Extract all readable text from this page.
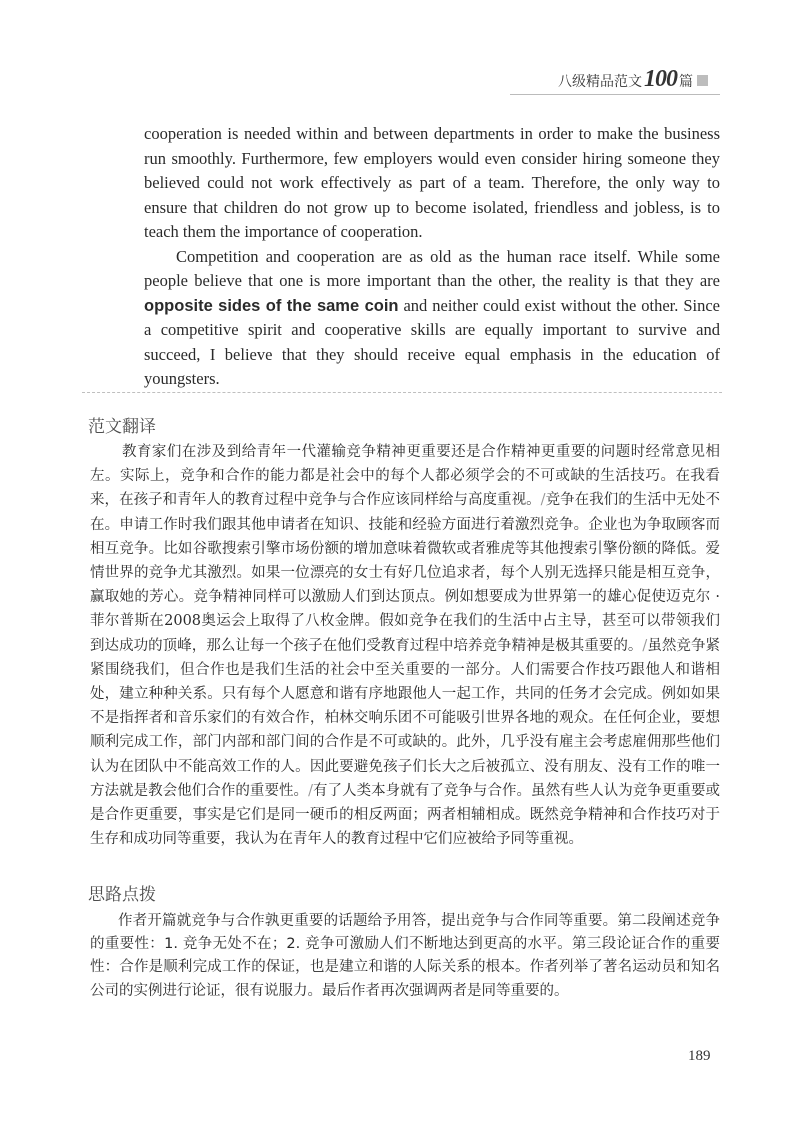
八级精品范文 100 篇

cooperation is needed within and between departments in order to make the business run smoothly. Furthermore, few employers would even consider hiring someone they believed could not work effectively as part of a team. Therefore, the only way to ensure that children do not grow up to become isolated, friendless and jobless, is to teach them the importance of cooperation.

Competition and cooperation are as old as the human race itself. While some people believe that one is more important than the other, the reality is that they are opposite sides of the same coin and neither could exist without the other. Since a competitive spirit and cooperative skills are equally important to survive and succeed, I believe that they should receive equal emphasis in the education of youngsters.

范文翻译

教育家们在涉及到给青年一代灌输竞争精神更重要还是合作精神更重要的问题时经常意见相左。实际上，竞争和合作的能力都是社会中的每个人都必须学会的不可或缺的生活技巧。在我看来，在孩子和青年人的教育过程中竞争与合作应该同样给与高度重视。/竞争在我们的生活中无处不在。申请工作时我们跟其他申请者在知识、技能和经验方面进行着激烈竞争。企业也为争取顾客而相互竞争。比如谷歌搜索引擎市场份额的增加意味着微软或者雅虎等其他搜索引擎份额的降低。爱情世界的竞争尤其激烈。如果一位漂亮的女士有好几位追求者，每个人别无选择只能是相互竞争，赢取她的芳心。竞争精神同样可以激励人们到达顶点。例如想要成为世界第一的雄心促使迈克尔 · 菲尔普斯在2008奥运会上取得了八枚金牌。假如竞争在我们的生活中占主导，甚至可以带领我们到达成功的顶峰，那么让每一个孩子在他们受教育过程中培养竞争精神是极其重要的。/虽然竞争紧紧围绕我们，但合作也是我们生活的社会中至关重要的一部分。人们需要合作技巧跟他人和谐相处，建立种种关系。只有每个人愿意和谐有序地跟他人一起工作，共同的任务才会完成。例如如果不是指挥者和音乐家们的有效合作，柏林交响乐团不可能吸引世界各地的观众。在任何企业，要想顺利完成工作，部门内部和部门间的合作是不可或缺的。此外，几乎没有雇主会考虑雇佣那些他们认为在团队中不能高效工作的人。因此要避免孩子们长大之后被孤立、没有朋友、没有工作的唯一方法就是教会他们合作的重要性。/有了人类本身就有了竞争与合作。虽然有些人认为竞争更重要或是合作更重要，事实是它们是同一硬币的相反两面；两者相辅相成。既然竞争精神和合作技巧对于生存和成功同等重要，我认为在青年人的教育过程中它们应被给予同等重视。

思路点拨

作者开篇就竞争与合作孰更重要的话题给予用答，提出竞争与合作同等重要。第二段阐述竞争的重要性：1. 竞争无处不在；2. 竞争可激励人们不断地达到更高的水平。第三段论证合作的重要性：合作是顺利完成工作的保证，也是建立和谐的人际关系的根本。作者列举了著名运动员和知名公司的实例进行论证，很有说服力。最后作者再次强调两者是同等重要的。

189
